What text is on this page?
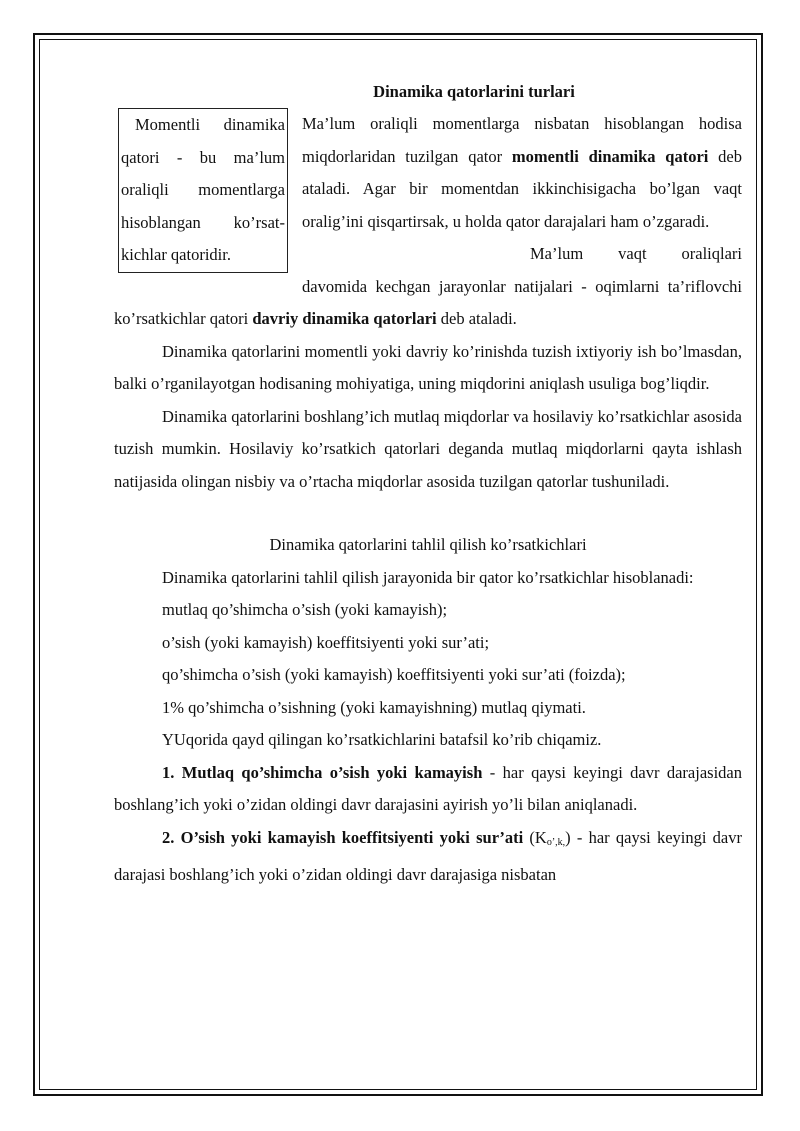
Dinamika qatorlarini turlari

Momentli dinamika qatori - bu ma’lum oraliqli momentlarga hisoblangan ko’rsat-kichlar qatoridir.

Ma’lum oraliqli momentlarga nisbatan hisoblangan hodisa miqdorlaridan tuzilgan qator momentli dinamika qatori deb ataladi. Agar bir momentdan ikkinchisigacha bo’lgan vaqt oralig’ini qisqartirsak, u holda qator darajalari ham o’zgaradi.

Ma’lum vaqt oraliqlari davomida kechgan jarayonlar natijalari - oqimlarni ta’riflovchi ko’rsatkichlar qatori davriy dinamika qatorlari deb ataladi.

Dinamika qatorlarini momentli yoki davriy ko’rinishda tuzish ixtiyoriy ish bo’lmasdan, balki o’rganilayotgan hodisaning mohiyatiga, uning miqdorini aniqlash usuliga bog’liqdir.

Dinamika qatorlarini boshlang’ich mutlaq miqdorlar va hosilaviy ko’rsatkichlar asosida tuzish mumkin. Hosilaviy ko’rsatkich qatorlari deganda mutlaq miqdorlarni qayta ishlash natijasida olingan nisbiy va o’rtacha miqdorlar asosida tuzilgan qatorlar tushuniladi.

Dinamika qatorlarini tahlil qilish ko’rsatkichlari

Dinamika qatorlarini tahlil qilish jarayonida bir qator ko’rsatkichlar hisoblanadi:

mutlaq qo’shimcha o’sish (yoki kamayish);

o’sish (yoki kamayish) koeffitsiyenti yoki sur’ati;

qo’shimcha o’sish (yoki kamayish) koeffitsiyenti yoki sur’ati (foizda);

1% qo’shimcha o’sishning (yoki kamayishning) mutlaq qiymati.

YUqorida qayd qilingan ko’rsatkichlarini batafsil ko’rib chiqamiz.

1. Mutlaq qo’shimcha o’sish yoki kamayish - har qaysi keyingi davr darajasidan boshlang’ich yoki o’zidan oldingi davr darajasini ayirish yo’li bilan aniqlanadi.

2. O’sish yoki kamayish koeffitsiyenti yoki sur’ati $(K_{o’,k,})$ - har qaysi keyingi davr darajasi boshlang’ich yoki o’zidan oldingi davr darajasiga nisbatan
